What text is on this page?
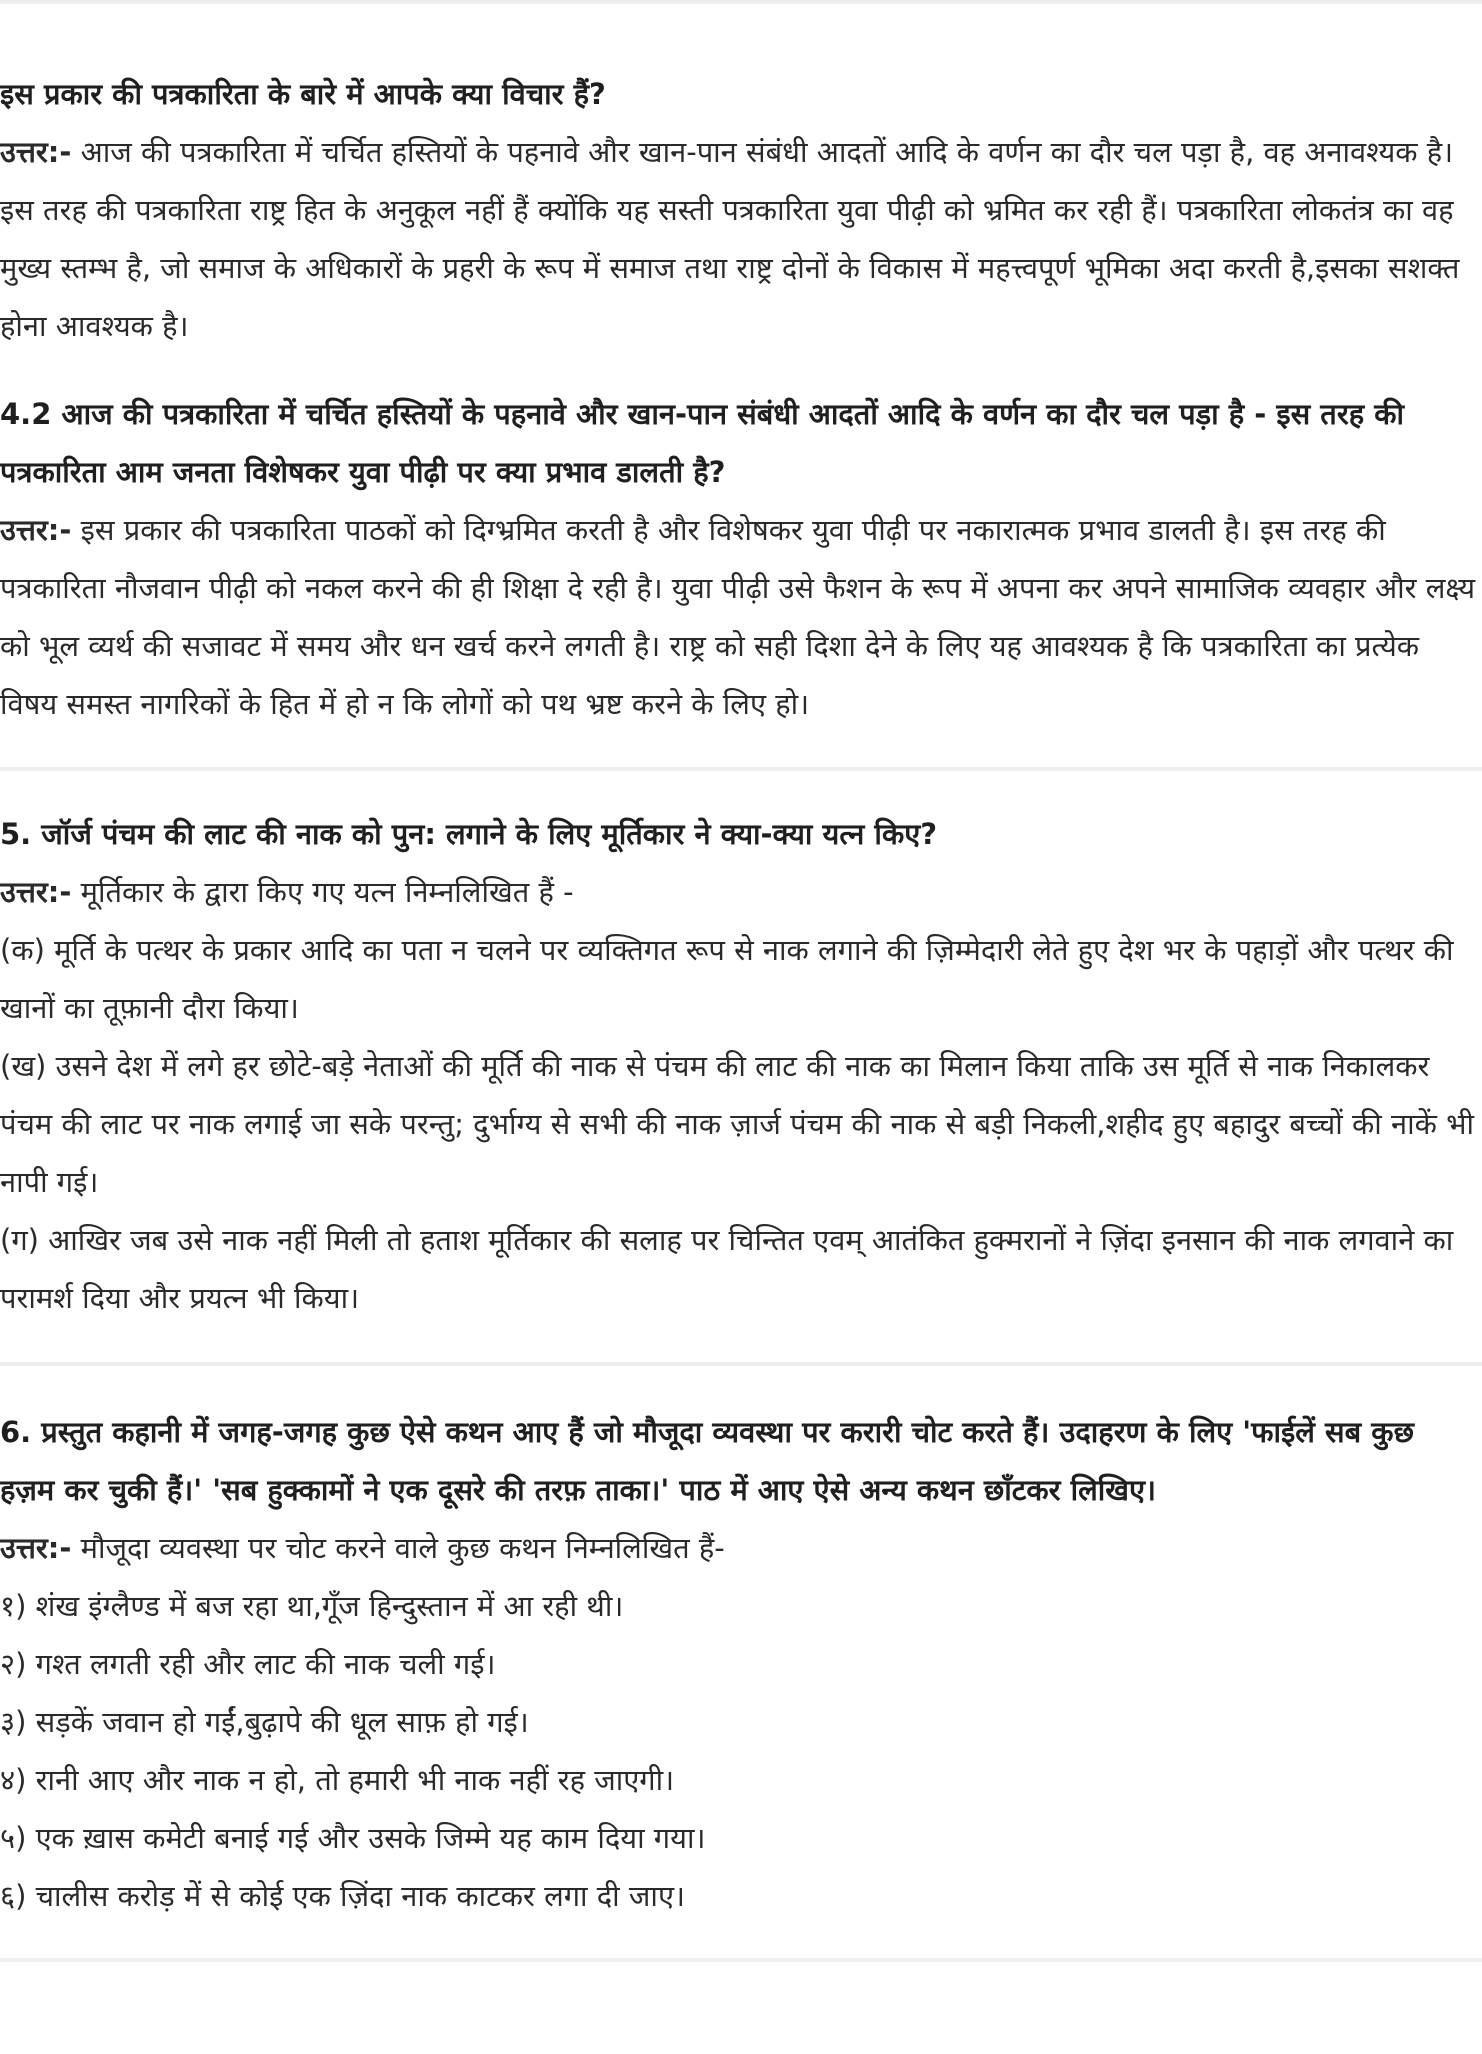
इस प्रकार की पत्रकारिता के बारे में आपके क्या विचार हैं?

उत्तर:- आज की पत्रकारिता में चर्चित हस्तियों के पहनावे और खान-पान संबंधी आदतों आदि के वर्णन का दौर चल पड़ा है, वह अनावश्यक है। इस तरह की पत्रकारिता राष्ट्र हित के अनुकूल नहीं हैं क्योंकि यह सस्ती पत्रकारिता युवा पीढ़ी को भ्रमित कर रही हैं। पत्रकारिता लोकतंत्र का वह मुख्य स्तम्भ है, जो समाज के अधिकारों के प्रहरी के रूप में समाज तथा राष्ट्र दोनों के विकास में महत्त्वपूर्ण भूमिका अदा करती है,इसका सशक्त होना आवश्यक है।

4.2 आज की पत्रकारिता में चर्चित हस्तियों के पहनावे और खान-पान संबंधी आदतों आदि के वर्णन का दौर चल पड़ा है - इस तरह की पत्रकारिता आम जनता विशेषकर युवा पीढ़ी पर क्या प्रभाव डालती है?

उत्तर:- इस प्रकार की पत्रकारिता पाठकों को दिग्भ्रमित करती है और विशेषकर युवा पीढ़ी पर नकारात्मक प्रभाव डालती है। इस तरह की पत्रकारिता नौजवान पीढ़ी को नकल करने की ही शिक्षा दे रही है। युवा पीढ़ी उसे फैशन के रूप में अपना कर अपने सामाजिक व्यवहार और लक्ष्य को भूल व्यर्थ की सजावट में समय और धन खर्च करने लगती है। राष्ट्र को सही दिशा देने के लिए यह आवश्यक है कि पत्रकारिता का प्रत्येक विषय समस्त नागरिकों के हित में हो न कि लोगों को पथ भ्रष्ट करने के लिए हो।

5. जॉर्ज पंचम की लाट की नाक को पुन: लगाने के लिए मूर्तिकार ने क्या-क्या यत्न किए?

उत्तर:- मूर्तिकार के द्वारा किए गए यत्न निम्नलिखित हैं -

(क) मूर्ति के पत्थर के प्रकार आदि का पता न चलने पर व्यक्तिगत रूप से नाक लगाने की ज़िम्मेदारी लेते हुए देश भर के पहाड़ों और पत्थर की खानों का तूफ़ानी दौरा किया।

(ख) उसने देश में लगे हर छोटे-बड़े नेताओं की मूर्ति की नाक से पंचम की लाट की नाक का मिलान किया ताकि उस मूर्ति से नाक निकालकर पंचम की लाट पर नाक लगाई जा सके परन्तु; दुर्भाग्य से सभी की नाक ज़ार्ज पंचम की नाक से बड़ी निकली,शहीद हुए बहादुर बच्चों की नाकें भी नापी गई।

(ग) आखिर जब उसे नाक नहीं मिली तो हताश मूर्तिकार की सलाह पर चिन्तित एवम् आतंकित हुक्मरानों ने ज़िंदा इनसान की नाक लगवाने का परामर्श दिया और प्रयत्न भी किया।

6. प्रस्तुत कहानी में जगह-जगह कुछ ऐसे कथन आए हैं जो मौजूदा व्यवस्था पर करारी चोट करते हैं। उदाहरण के लिए 'फाईलें सब कुछ हज़म कर चुकी हैं।' 'सब हुक्कामों ने एक दूसरे की तरफ़ ताका।' पाठ में आए ऐसे अन्य कथन छाँटकर लिखिए।

उत्तर:- मौजूदा व्यवस्था पर चोट करने वाले कुछ कथन निम्नलिखित हैं-

१) शंख इंग्लैण्ड में बज रहा था,गूँज हिन्दुस्तान में आ रही थी।

२) गश्त लगती रही और लाट की नाक चली गई।

३) सड़कें जवान हो गईं,बुढ़ापे की धूल साफ़ हो गई।

४) रानी आए और नाक न हो, तो हमारी भी नाक नहीं रह जाएगी।

५) एक ख़ास कमेटी बनाई गई और उसके जिम्मे यह काम दिया गया।

६) चालीस करोड़ में से कोई एक ज़िंदा नाक काटकर लगा दी जाए।
